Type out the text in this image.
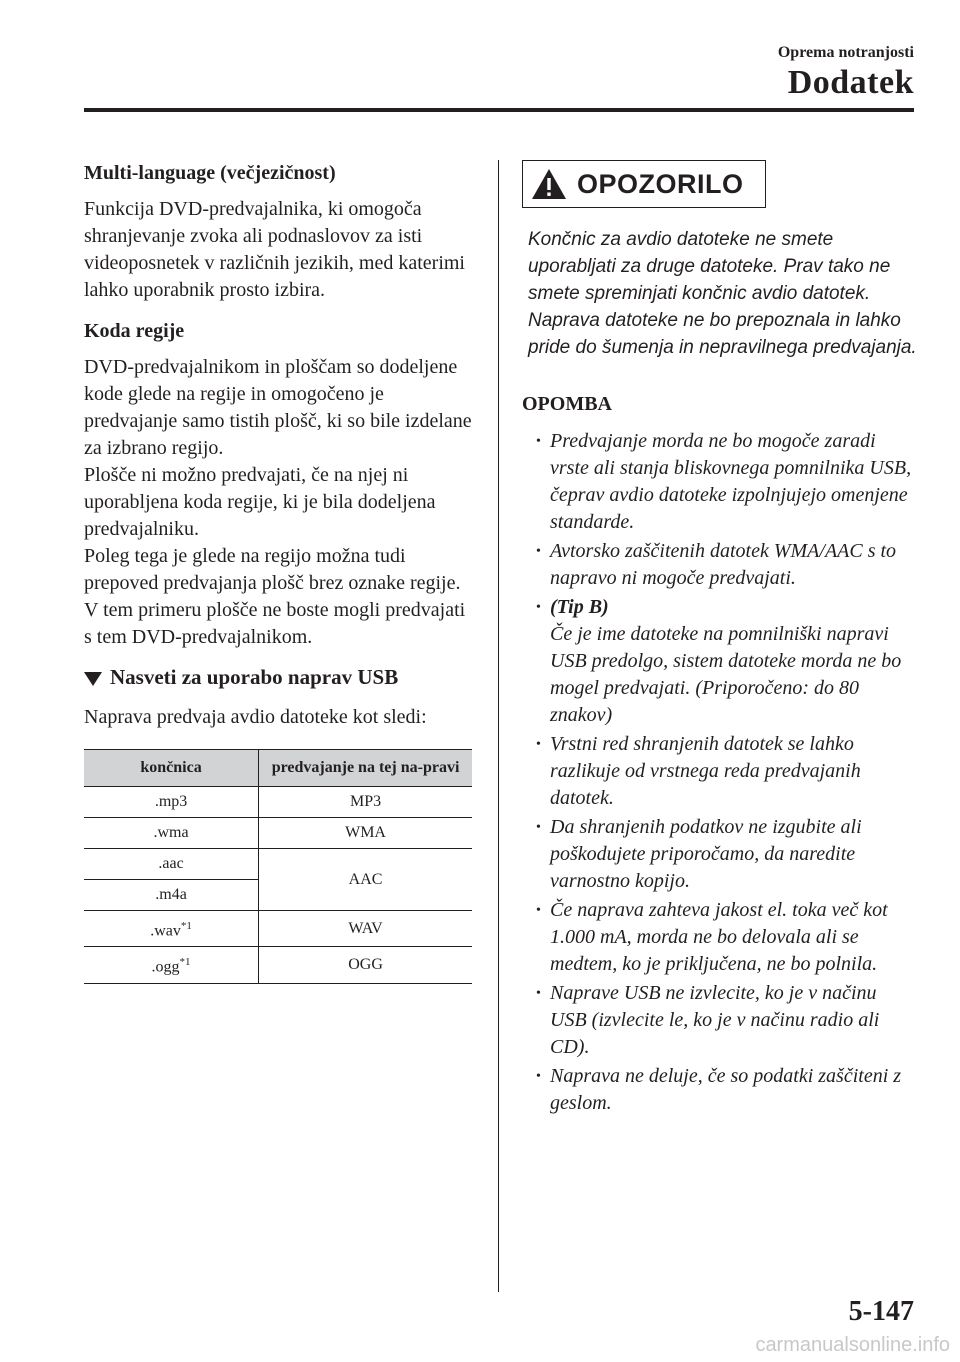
Oprema notranjosti

Dodatek

Multi-language (večjezičnost)

Funkcija DVD-predvajalnika, ki omogoča shranjevanje zvoka ali podnaslovov za isti videoposnetek v različnih jezikih, med katerimi lahko uporabnik prosto izbira.

Koda regije

DVD-predvajalnikom in ploščam so dodeljene kode glede na regije in omogočeno je predvajanje samo tistih plošč, ki so bile izdelane za izbrano regijo.

Plošče ni možno predvajati, če na njej ni uporabljena koda regije, ki je bila dodeljena predvajalniku.

Poleg tega je glede na regijo možna tudi prepoved predvajanja plošč brez oznake regije. V tem primeru plošče ne boste mogli predvajati s tem DVD-predvajalnikom.

Nasveti za uporabo naprav USB

Naprava predvaja avdio datoteke kot sledi:

končnica	predvajanje na tej na-pravi
.mp3	MP3
.wma	WMA
.aac	AAC
.m4a	
.wav$^{*1}$	WAV
.ogg$^{*1}$	OGG
OPOZORILO

Končnic za avdio datoteke ne smete uporabljati za druge datoteke. Prav tako ne smete spreminjati končnic avdio datotek. Naprava datoteke ne bo prepoznala in lahko pride do šumenja in nepravilnega predvajanja.

OPOMBA

• Predvajanje morda ne bo mogoče zaradi vrste ali stanja bliskovnega pomnilnika USB, čeprav avdio datoteke izpolnjujejo omenjene standarde.
• Avtorsko zaščitenih datotek WMA/AAC s to napravo ni mogoče predvajati.
• (Tip B)
Če je ime datoteke na pomnilniški napravi USB predolgo, sistem datoteke morda ne bo mogel predvajati. (Priporočeno: do 80 znakov)
• Vrstni red shranjenih datotek se lahko razlikuje od vrstnega reda predvajanih datotek.
• Da shranjenih podatkov ne izgubite ali poškodujete priporočamo, da naredite varnostno kopijo.
• Če naprava zahteva jakost el. toka več kot 1.000 mA, morda ne bo delovala ali se medtem, ko je priključena, ne bo polnila.
• Naprave USB ne izvlecite, ko je v načinu USB (izvlecite le, ko je v načinu radio ali CD).
• Naprava ne deluje, če so podatki zaščiteni z geslom.
5-147
carmanualsonline.info
